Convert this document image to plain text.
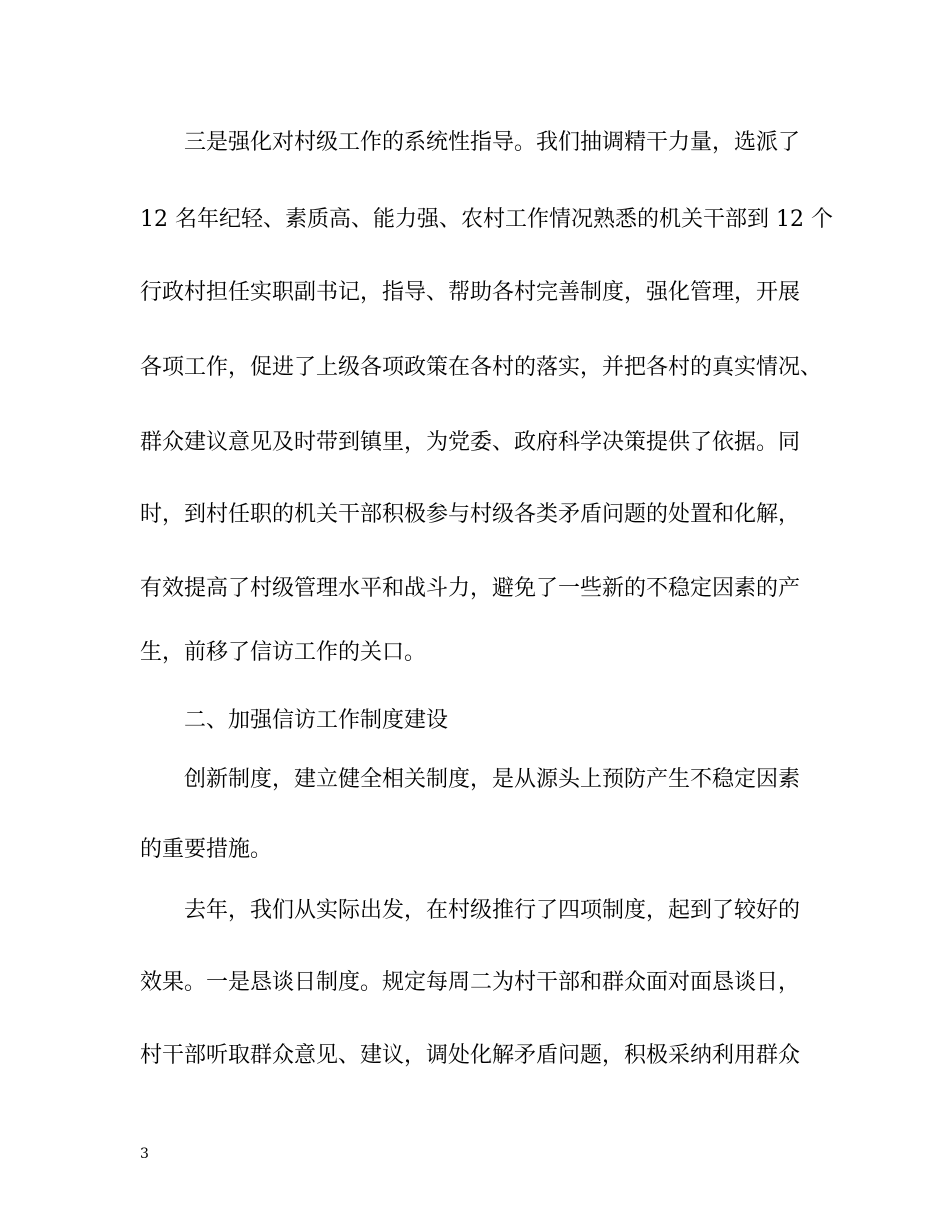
三是强化对村级工作的系统性指导。我们抽调精干力量，选派了
12 名年纪轻、素质高、能力强、农村工作情况熟悉的机关干部到 12 个
行政村担任实职副书记，指导、帮助各村完善制度，强化管理，开展
各项工作，促进了上级各项政策在各村的落实，并把各村的真实情况、
群众建议意见及时带到镇里，为党委、政府科学决策提供了依据。同
时，到村任职的机关干部积极参与村级各类矛盾问题的处置和化解，
有效提高了村级管理水平和战斗力，避免了一些新的不稳定因素的产
生，前移了信访工作的关口。
二、加强信访工作制度建设
创新制度，建立健全相关制度，是从源头上预防产生不稳定因素
的重要措施。
去年，我们从实际出发，在村级推行了四项制度，起到了较好的
效果。一是恳谈日制度。规定每周二为村干部和群众面对面恳谈日，
村干部听取群众意见、建议，调处化解矛盾问题，积极采纳利用群众
3
